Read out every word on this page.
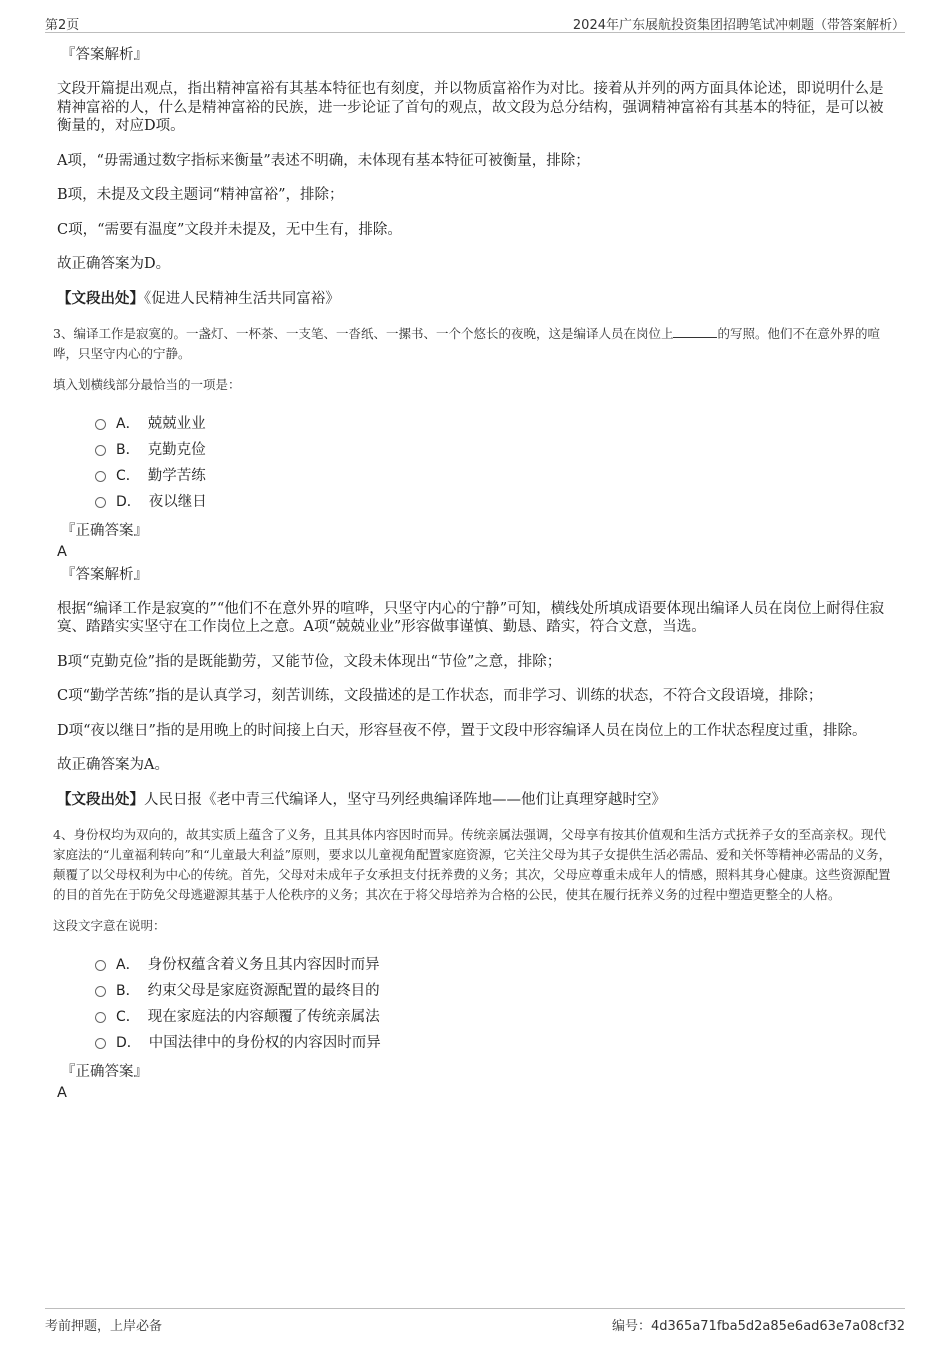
第2页	2024年广东展航投资集团招聘笔试冲刺题（带答案解析）
『答案解析』

文段开篇提出观点，指出精神富裕有其基本特征也有刻度，并以物质富裕作为对比。接着从并列的两方面具体论述，即说明什么是精神富裕的人，什么是精神富裕的民族，进一步论证了首句的观点，故文段为总分结构，强调精神富裕有其基本的特征，是可以被衡量的，对应D项。

A项，“毋需通过数字指标来衡量”表述不明确，未体现有基本特征可被衡量，排除；

B项，未提及文段主题词“精神富裕”，排除；

C项，“需要有温度”文段并未提及，无中生有，排除。

故正确答案为D。

【文段出处】《促进人民精神生活共同富裕》

3、编译工作是寂寞的。一盏灯、一杯茶、一支笔、一沓纸、一摞书、一个个悠长的夜晚，这是编译人员在岗位上	的写照。他们不在意外界的喧哗，只坚守内心的宁静。

填入划横线部分最恰当的一项是：

A． 兢兢业业
B． 克勤克俭
C． 勤学苦练
D． 夜以继日
『正确答案』
A
『答案解析』

根据“编译工作是寂寞的”“他们不在意外界的喧哗，只坚守内心的宁静”可知，横线处所填成语要体现出编译人员在岗位上耐得住寂寞、踏踏实实坚守在工作岗位上之意。A项“兢兢业业”形容做事谨慎、勤恳、踏实，符合文意，当选。

B项“克勤克俭”指的是既能勤劳，又能节俭，文段未体现出“节俭”之意，排除；

C项“勤学苦练”指的是认真学习，刻苦训练，文段描述的是工作状态，而非学习、训练的状态，不符合文段语境，排除；

D项“夜以继日”指的是用晚上的时间接上白天，形容昼夜不停，置于文段中形容编译人员在岗位上的工作状态程度过重，排除。

故正确答案为A。

【文段出处】人民日报《老中青三代编译人，坚守马列经典编译阵地——他们让真理穿越时空》

4、身份权均为双向的，故其实质上蕴含了义务，且其具体内容因时而异。传统亲属法强调，父母享有按其价值观和生活方式抚养子女的至高亲权。现代家庭法的“儿童福利转向”和“儿童最大利益”原则，要求以儿童视角配置家庭资源，它关注父母为其子女提供生活必需品、爱和关怀等精神必需品的义务，颠覆了以父母权利为中心的传统。首先，父母对未成年子女承担支付抚养费的义务；其次，父母应尊重未成年人的情感，照料其身心健康。这些资源配置的目的首先在于防免父母逃避源其基于人伦秩序的义务；其次在于将父母培养为合格的公民，使其在履行抚养义务的过程中塑造更整全的人格。

这段文字意在说明：

A． 身份权蕴含着义务且其内容因时而异
B． 约束父母是家庭资源配置的最终目的
C． 现在家庭法的内容颠覆了传统亲属法
D． 中国法律中的身份权的内容因时而异
『正确答案』
A
考前押题，上岸必备	编号：4d365a71fba5d2a85e6ad63e7a08cf32
